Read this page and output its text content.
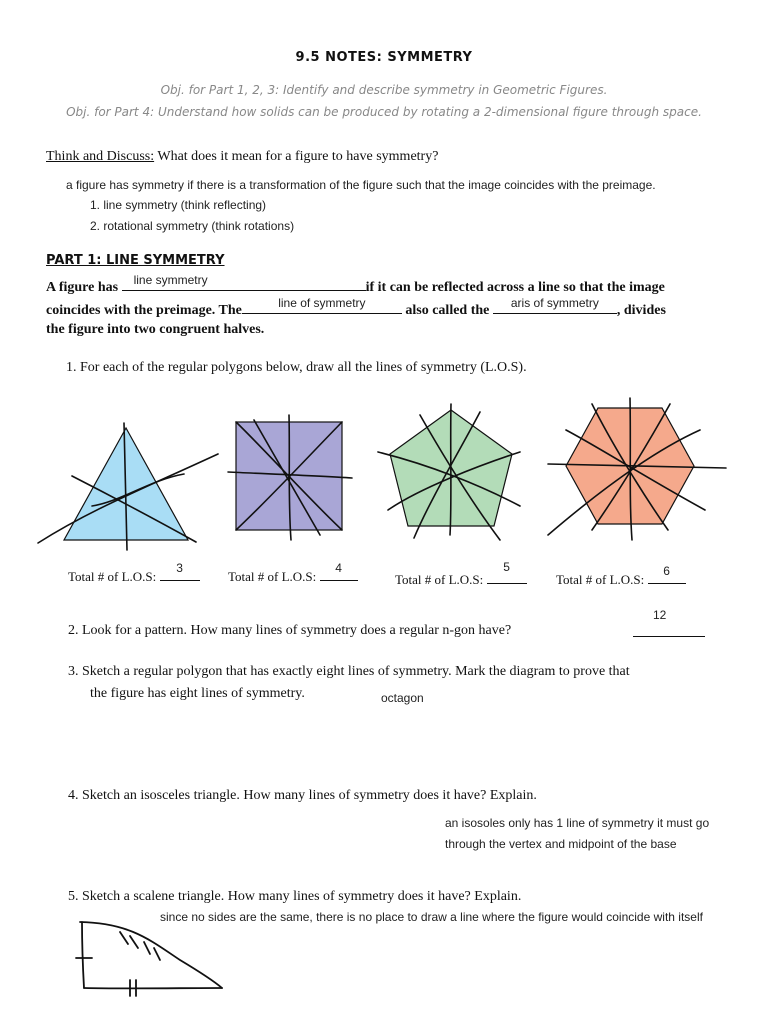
9.5 NOTES: SYMMETRY
Obj. for Part 1, 2, 3: Identify and describe symmetry in Geometric Figures.
Obj. for Part 4: Understand how solids can be produced by rotating a 2-dimensional figure through space.
Think and Discuss: What does it mean for a figure to have symmetry?
a figure has symmetry if there is a transformation of the figure such that the image coincides with the preimage.
1. line symmetry (think reflecting)
2. rotational symmetry (think rotations)
PART 1: LINE SYMMETRY
A figure has line symmetry	if it can be reflected across a line so that the image
coincides with the preimage. The	line of symmetry	also called the	aris of symmetry	, divides
the figure into two congruent halves.
1. For each of the regular polygons below, draw all the lines of symmetry (L.O.S).
Total # of L.O.S:
3
Total # of L.O.S:
4
Total # of L.O.S:
5
Total # of L.O.S:
6
2. Look for a pattern. How many lines of symmetry does a regular n-gon have?
12
3. Sketch a regular polygon that has exactly eight lines of symmetry. Mark the diagram to prove that
the figure has eight lines of symmetry.	octagon
4. Sketch an isosceles triangle. How many lines of symmetry does it have? Explain.
an isosoles only has 1 line of symmetry it must go
through the vertex and midpoint of the base
5. Sketch a scalene triangle. How many lines of symmetry does it have? Explain.
since no sides are the same, there is no place to draw a line where the figure would coincide with itself
